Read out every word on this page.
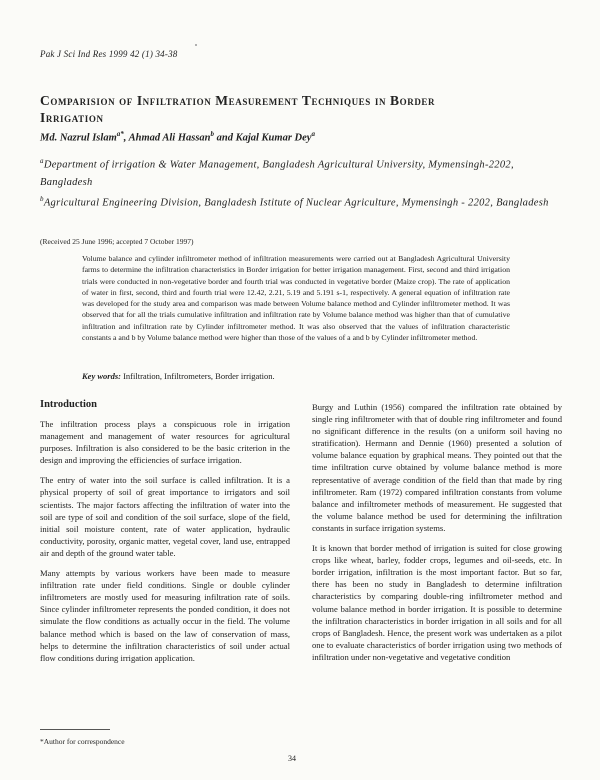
Pak J Sci Ind Res 1999 42 (1) 34-38
Comparision of Infiltration Measurement Techniques in Border
Irrigation
Md. Nazrul Islam$^{a*}$, Ahmad Ali Hassan$^b$ and Kajal Kumar Dey$^a$
$^a$Department of irrigation & Water Management, Bangladesh Agricultural University, Mymensingh-2202, Bangladesh
$^b$Agricultural Engineering Division, Bangladesh Istitute of Nuclear Agriculture, Mymensingh - 2202, Bangladesh
(Received 25 June 1996; accepted 7 October 1997)
Volume balance and cylinder infiltrometer method of infiltration measurements were carried out at Bangladesh Agricultural University farms to determine the infiltration characteristics in Border irrigation for better irrigation management. First, second and third irrigation trials were conducted in non-vegetative border and fourth trial was conducted in vegetative border (Maize crop). The rate of application of water in first, second, third and fourth trial were 12.42, 2.21, 5.19 and 5.191 s-1, respectively. A general equation of infiltration rate was developed for the study area and comparison was made between Volume balance method and Cylinder infiltrometer method. It was observed that for all the trials cumulative infiltration and infiltration rate by Volume balance method was higher than that of cumulative infiltration and infiltration rate by Cylinder infiltrometer method. It was also observed that the values of infiltration characteristic constants a and b by Volume balance method were higher than those of the values of a and b by Cylinder infiltrometer method.
Key words: Infiltration, Infiltrometers, Border irrigation.
Introduction

The infiltration process plays a conspicuous role in irrigation management and management of water resources for agricultural purposes. Infiltration is also considered to be the basic criterion in the design and improving the efficiencies of surface irrigation.

The entry of water into the soil surface is called infiltration. It is a physical property of soil of great importance to irrigators and soil scientists. The major factors affecting the infiltration of water into the soil are type of soil and condition of the soil surface, slope of the field, initial soil moisture content, rate of water application, hydraulic conductivity, porosity, organic matter, vegetal cover, land use, entrapped air and depth of the ground water table.

Many attempts by various workers have been made to measure infiltration rate under field conditions. Single or double cylinder infiltrometers are mostly used for measuring infiltration rate of soils. Since cylinder infiltrometer represents the ponded condition, it does not simulate the flow conditions as actually occur in the field. The volume balance method which is based on the law of conservation of mass, helps to determine the infiltration characteristics of soil under actual flow conditions during irrigation application.

Burgy and Luthin (1956) compared the infiltration rate obtained by single ring infiltrometer with that of double ring infiltrometer and found no significant difference in the results (on a uniform soil having no stratification). Hermann and Dennie (1960) presented a solution of volume balance equation by graphical means. They pointed out that the time infiltration curve obtained by volume balance method is more representative of average condition of the field than that made by ring infiltrometer. Ram (1972) compared infiltration constants from volume balance and infiltrometer methods of measurement. He suggested that the volume balance method be used for determining the infiltration constants in surface irrigation systems.

It is known that border method of irrigation is suited for close growing crops like wheat, barley, fodder crops, legumes and oil-seeds, etc. In border irrigation, infiltration is the most important factor. But so far, there has been no study in Bangladesh to determine infiltration characteristics by comparing double-ring infiltrometer method and volume balance method in border irrigation. It is possible to determine the infiltration characteristics in border irrigation in all soils and for all crops of Bangladesh. Hence, the present work was undertaken as a pilot one to evaluate characteristics of border irrigation using two methods of infiltration under non-vegetative and vegetative condition

*Author for correspondence
34
